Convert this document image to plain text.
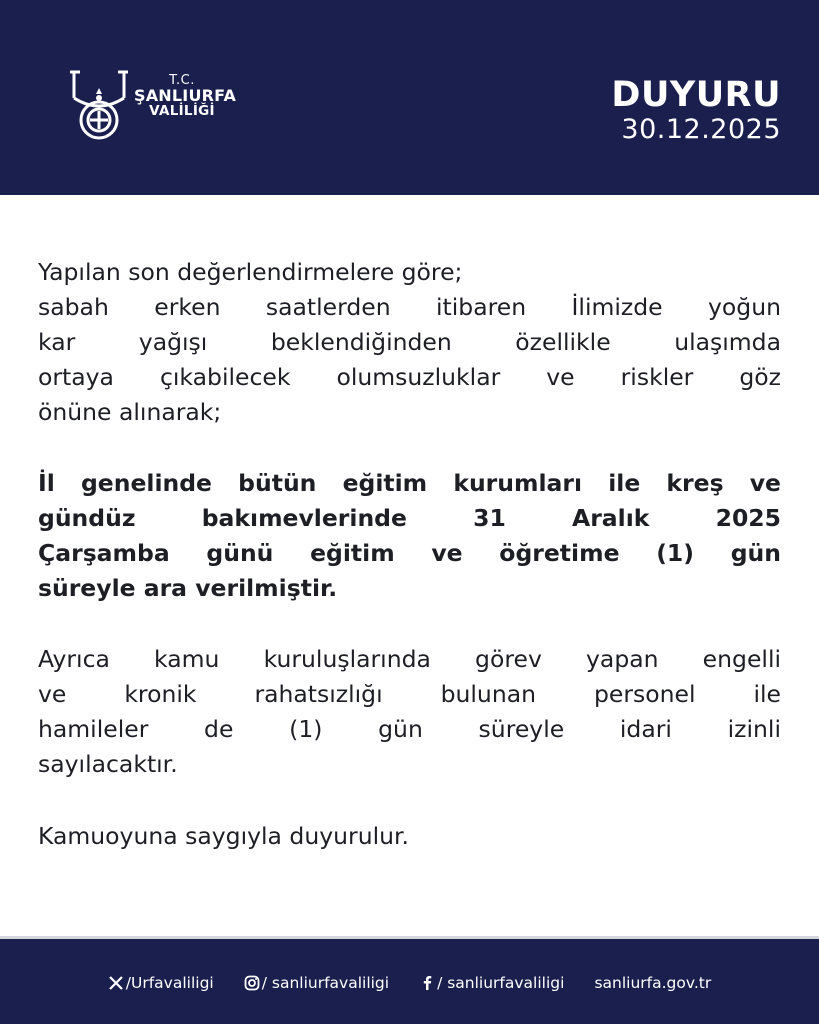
T.C.
ŞANLIURFA
VALİLİĞİ	DUYURU
30.12.2025
Yapılan son değerlendirmelere göre;
sabah erken saatlerden itibaren İlimizde yoğun
kar yağışı beklendiğinden özellikle ulaşımda
ortaya çıkabilecek olumsuzluklar ve riskler göz
önüne alınarak;
İl genelinde bütün eğitim kurumları ile kreş ve
gündüz bakımevlerinde 31 Aralık 2025
Çarşamba günü eğitim ve öğretime (1) gün
süreyle ara verilmiştir.
Ayrıca kamu kuruluşlarında görev yapan engelli
ve kronik rahatsızlığı bulunan personel ile
hamileler de (1) gün süreyle idari izinli
sayılacaktır.
Kamuoyuna saygıyla duyurulur.
/Urfavaliligi	/ sanliurfavaliligi	/ sanliurfavaliligi sanliurfa.gov.tr
